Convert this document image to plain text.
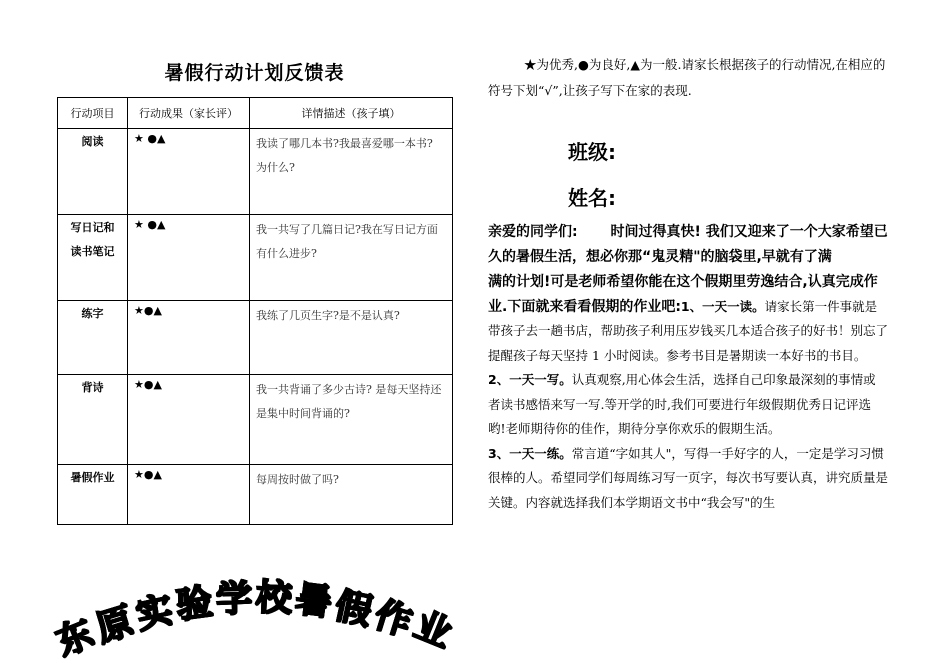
暑假行动计划反馈表
行动项目	行动成果（家长评）	详情描述（孩子填）

阅读	★ ●▲	我读了哪几本书?我最喜爱哪一本书? 为什么?

写日记和
读书笔记	★ ●▲	我一共写了几篇日记?我在写日记方面有什么进步?

练字	★●▲	我练了几页生字?是不是认真?

背诗	★●▲	我一共背诵了多少古诗? 是每天坚持还是集中时间背诵的?

暑假作业	★●▲	每周按时做了吗?
东
原
实
验 学 校 暑
假
作
业

★为优秀,●为良好,▲为一般.请家长根据孩子的行动情况,在相应的符号下划“√”,让孩子写下在家的表现.

班级:

姓名:

亲爱的同学们:　　 时间过得真快! 我们又迎来了一个大家希望已久的暑假生活，想必你那“鬼灵精"的脑袋里,早就有了满

满的计划!可是老师希望你能在这个假期里劳逸结合,认真完成作业.下面就来看看假期的作业吧:1、一天一读。请家长第一件事就是带孩子去一趟书店，帮助孩子利用压岁钱买几本适合孩子的好书！别忘了提醒孩子每天坚持 1 小时阅读。参考书目是暑期读一本好书的书目。

2、一天一写。认真观察,用心体会生活，选择自己印象最深刻的事情或者读书感悟来写一写.等开学的时,我们可要进行年级假期优秀日记评选哟!老师期待你的佳作，期待分享你欢乐的假期生活。

3、一天一练。常言道“字如其人"，写得一手好字的人，一定是学习习惯很棒的人。希望同学们每周练习写一页字，每次书写要认真，讲究质量是关键。内容就选择我们本学期语文书中“我会写"的生
